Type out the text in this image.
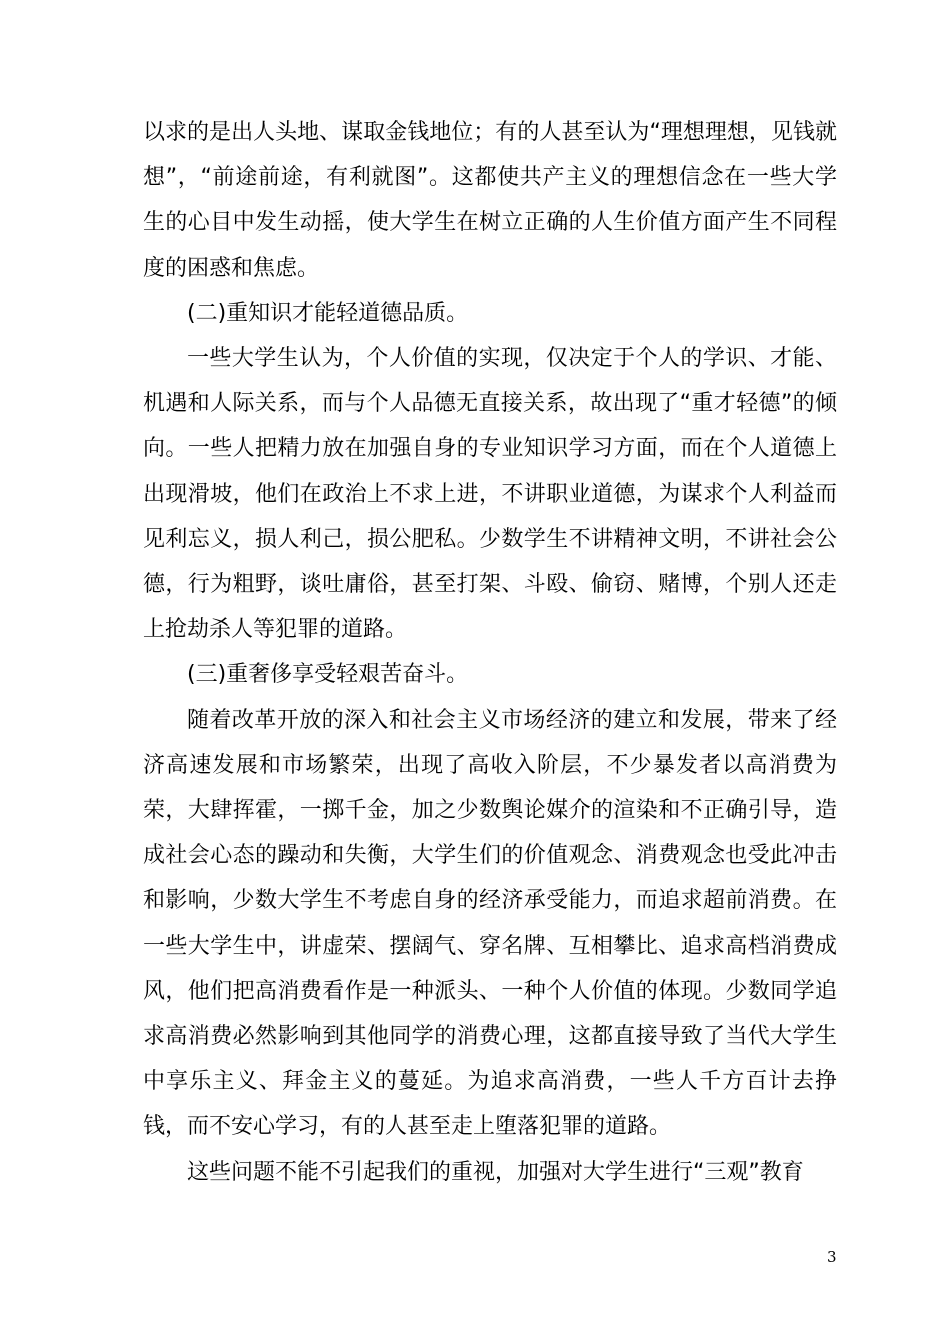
以求的是出人头地、谋取金钱地位；有的人甚至认为“理想理想，见钱就想”，“前途前途，有利就图”。这都使共产主义的理想信念在一些大学生的心目中发生动摇，使大学生在树立正确的人生价值方面产生不同程度的困惑和焦虑。

(二)重知识才能轻道德品质。

一些大学生认为，个人价值的实现，仅决定于个人的学识、才能、机遇和人际关系，而与个人品德无直接关系，故出现了“重才轻德”的倾向。一些人把精力放在加强自身的专业知识学习方面，而在个人道德上出现滑坡，他们在政治上不求上进，不讲职业道德，为谋求个人利益而见利忘义，损人利己，损公肥私。少数学生不讲精神文明，不讲社会公德，行为粗野，谈吐庸俗，甚至打架、斗殴、偷窃、赌博，个别人还走上抢劫杀人等犯罪的道路。

(三)重奢侈享受轻艰苦奋斗。

随着改革开放的深入和社会主义市场经济的建立和发展，带来了经济高速发展和市场繁荣，出现了高收入阶层，不少暴发者以高消费为荣，大肆挥霍，一掷千金，加之少数舆论媒介的渲染和不正确引导，造成社会心态的躁动和失衡，大学生们的价值观念、消费观念也受此冲击和影响，少数大学生不考虑自身的经济承受能力，而追求超前消费。在一些大学生中，讲虚荣、摆阔气、穿名牌、互相攀比、追求高档消费成风，他们把高消费看作是一种派头、一种个人价值的体现。少数同学追求高消费必然影响到其他同学的消费心理，这都直接导致了当代大学生中享乐主义、拜金主义的蔓延。为追求高消费，一些人千方百计去挣钱，而不安心学习，有的人甚至走上堕落犯罪的道路。

这些问题不能不引起我们的重视，加强对大学生进行“三观”教育

3
